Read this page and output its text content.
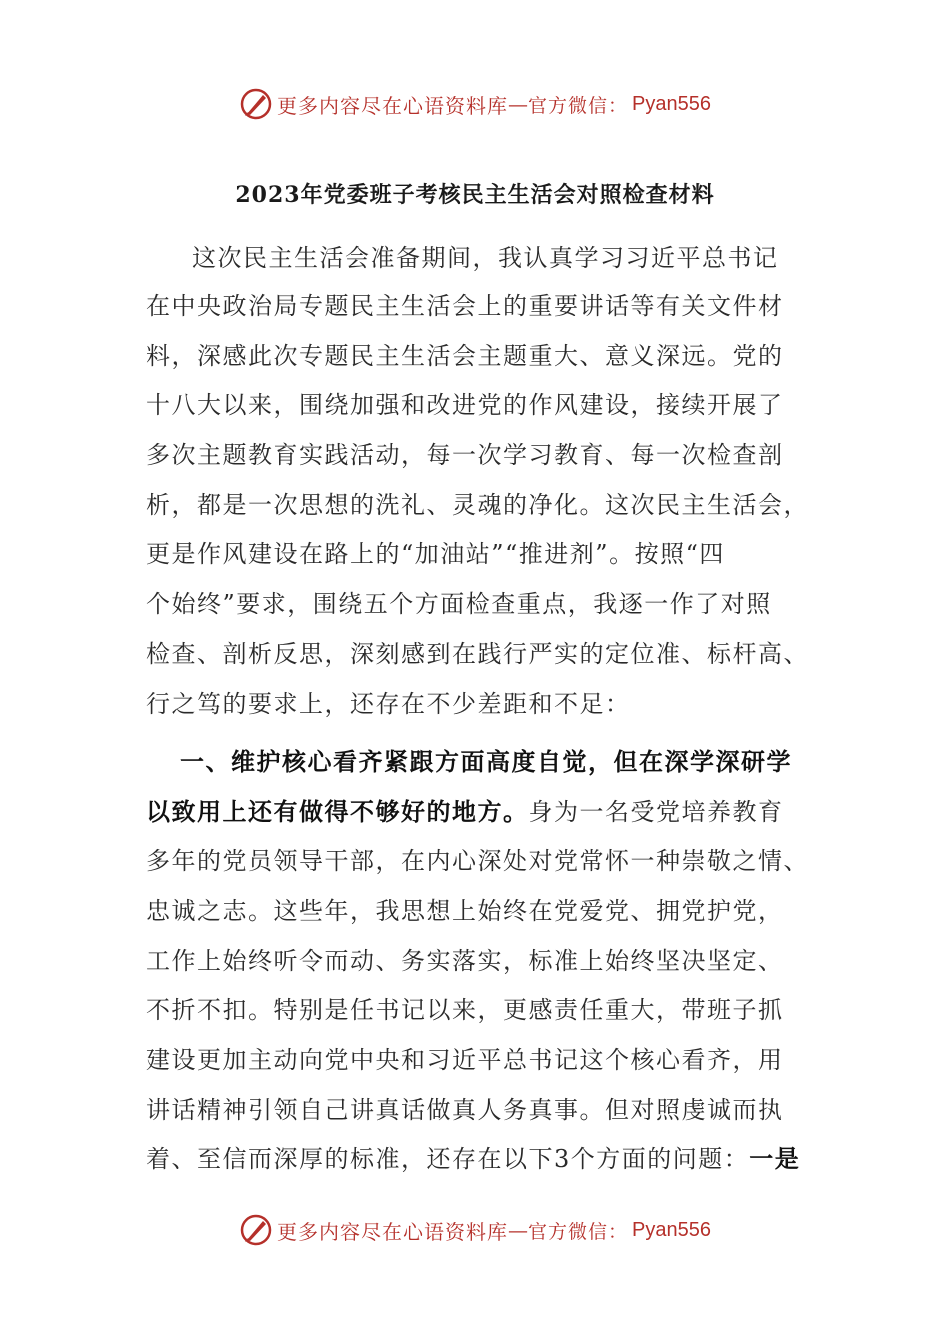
更多内容尽在心语资料库 — 官方微信： Pyan556
2023年党委班子考核民主生活会对照检查材料
这次民主生活会准备期间，我认真学习习近平总书记
在中央政治局专题民主生活会上的重要讲话等有关文件材
料，深感此次专题民主生活会主题重大、意义深远。党的
十八大以来，围绕加强和改进党的作风建设，接续开展了
多次主题教育实践活动，每一次学习教育、每一次检查剖
析，都是一次思想的洗礼、灵魂的净化。这次民主生活会，
更是作风建设在路上的“加油站”“推进剂”。按照“四
个始终”要求，围绕五个方面检查重点，我逐一作了对照
检查、剖析反思，深刻感到在践行严实的定位准、标杆高、
行之笃的要求上，还存在不少差距和不足：
一、维护核心看齐紧跟方面高度自觉，但在深学深研学
以致用上还有做得不够好的地方。身为一名受党培养教育
多年的党员领导干部，在内心深处对党常怀一种崇敬之情、
忠诚之志。这些年，我思想上始终在党爱党、拥党护党，
工作上始终听令而动、务实落实，标准上始终坚决坚定、
不折不扣。特别是任书记以来，更感责任重大，带班子抓
建设更加主动向党中央和习近平总书记这个核心看齐，用
讲话精神引领自己讲真话做真人务真事。但对照虔诚而执
着、至信而深厚的标准，还存在以下3个方面的问题：一是
更多内容尽在心语资料库 — 官方微信： Pyan556
